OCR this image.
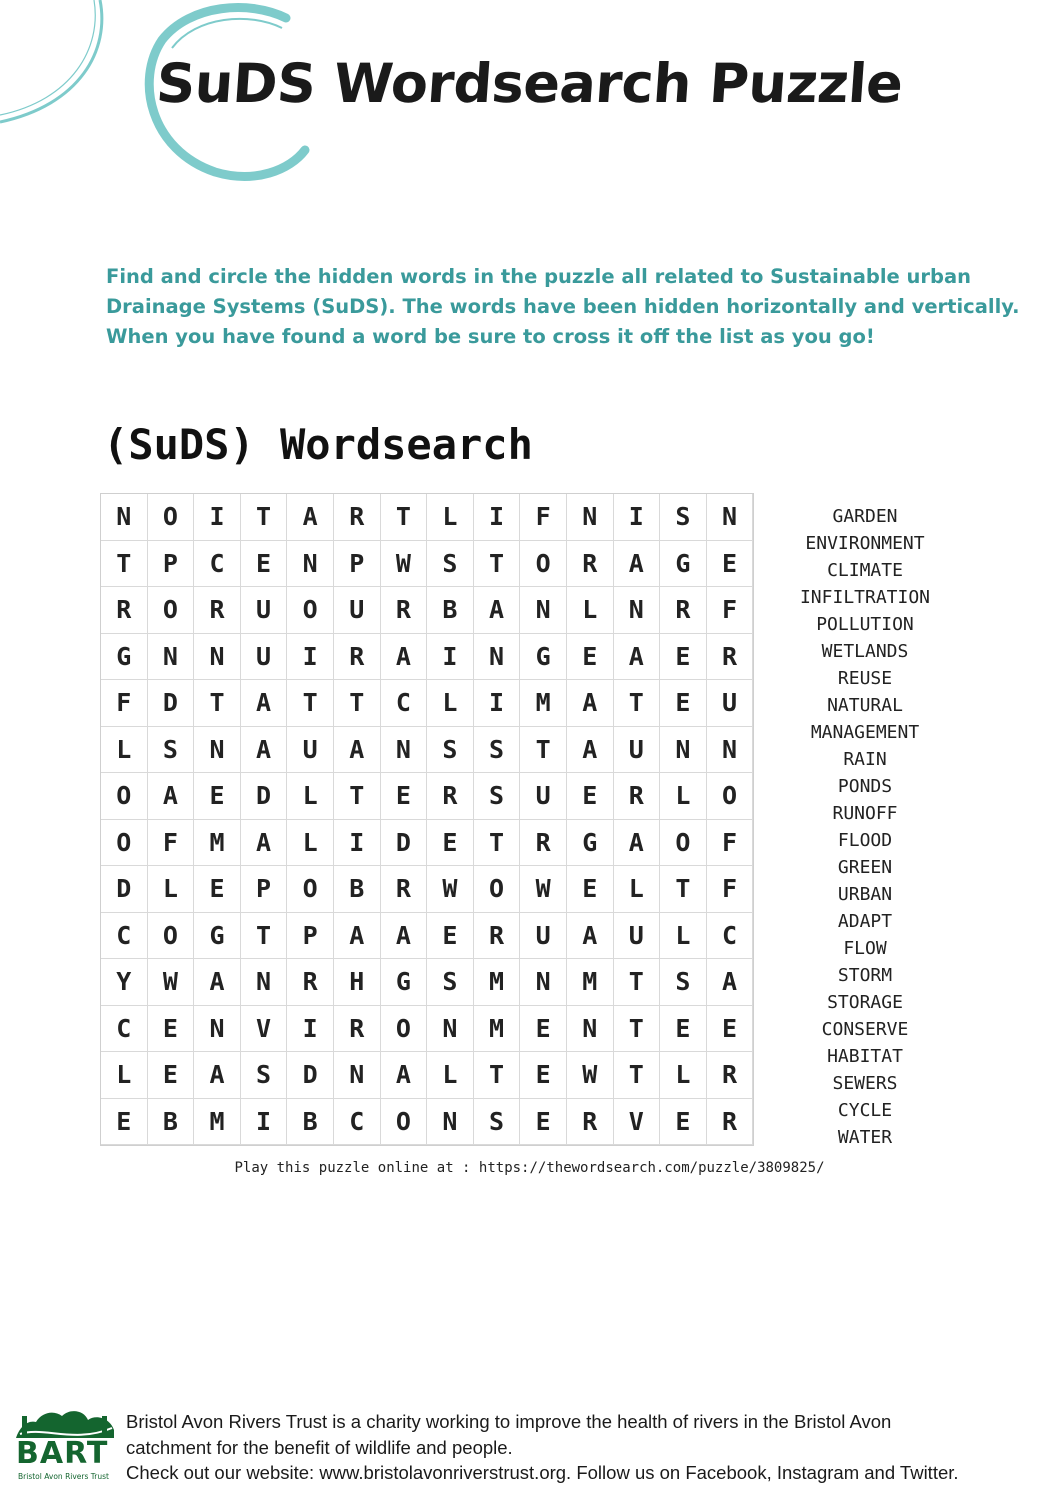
SuDS Wordsearch Puzzle
Find and circle the hidden words in the puzzle all related to Sustainable urban
Drainage Systems (SuDS). The words have been hidden horizontally and vertically.
When you have found a word be sure to cross it off the list as you go!
(SuDS) Wordsearch
N	O	I	T	A	R	T	L	I	F	N	I	S	N
T	P	C	E	N	P	W	S	T	O	R	A	G	E
R	O	R	U	O	U	R	B	A	N	L	N	R	F
G	N	N	U	I	R	A	I	N	G	E	A	E	R
F	D	T	A	T	T	C	L	I	M	A	T	E	U
L	S	N	A	U	A	N	S	S	T	A	U	N	N
O	A	E	D	L	T	E	R	S	U	E	R	L	O
O	F	M	A	L	I	D	E	T	R	G	A	O	F
D	L	E	P	O	B	R	W	O	W	E	L	T	F
C	O	G	T	P	A	A	E	R	U	A	U	L	C
Y	W	A	N	R	H	G	S	M	N	M	T	S	A
C	E	N	V	I	R	O	N	M	E	N	T	E	E
L	E	A	S	D	N	A	L	T	E	W	T	L	R
E	B	M	I	B	C	O	N	S	E	R	V	E	R
GARDEN
ENVIRONMENT
CLIMATE
INFILTRATION
POLLUTION
WETLANDS
REUSE
NATURAL
MANAGEMENT
RAIN
PONDS
RUNOFF
FLOOD
GREEN
URBAN
ADAPT
FLOW
STORM
STORAGE
CONSERVE
HABITAT
SEWERS
CYCLE
WATER
Play this puzzle online at : https://thewordsearch.com/puzzle/3809825/
BART
Bristol Avon Rivers Trust
Bristol Avon Rivers Trust is a charity working to improve the health of rivers in the Bristol Avon
catchment for the benefit of wildlife and people.
Check out our website: www.bristolavonriverstrust.org. Follow us on Facebook, Instagram and Twitter.
